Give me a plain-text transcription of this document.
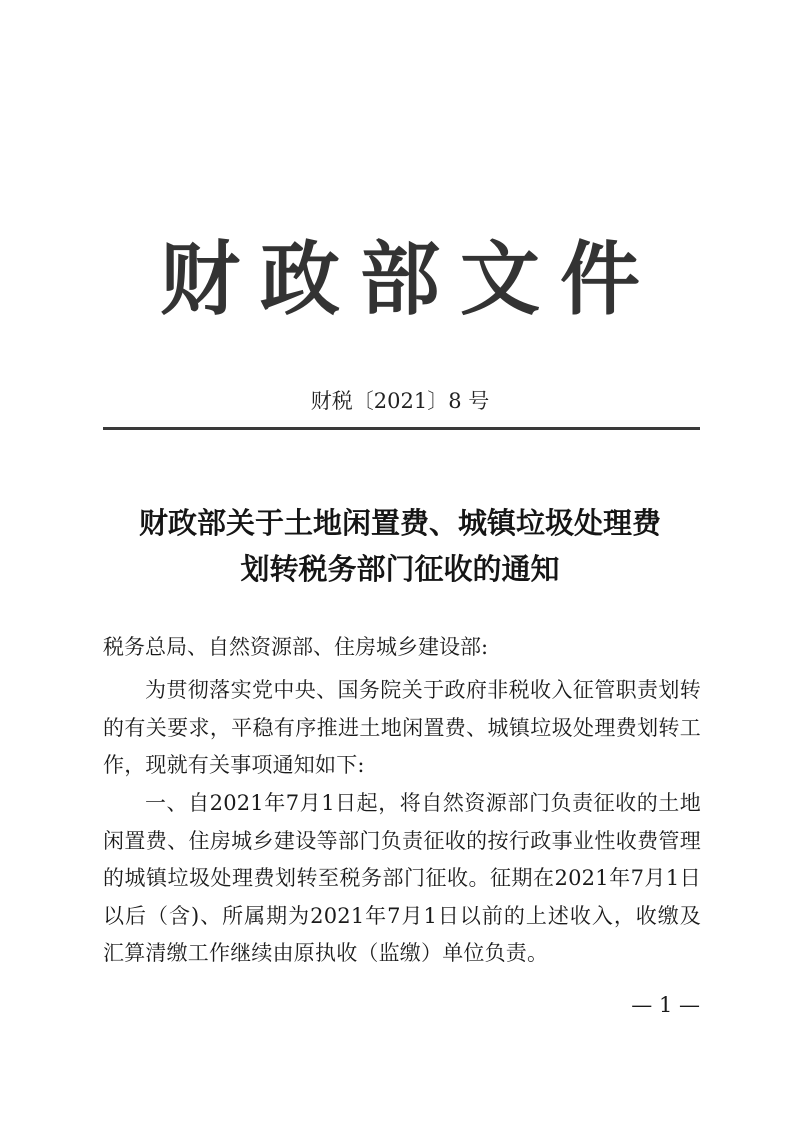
财政部文件
财税〔2021〕8 号
财政部关于土地闲置费、城镇垃圾处理费
划转税务部门征收的通知
税务总局、自然资源部、住房城乡建设部:
为贯彻落实党中央、国务院关于政府非税收入征管职责划转的有关要求，平稳有序推进土地闲置费、城镇垃圾处理费划转工作，现就有关事项通知如下:
一、自2021年7月1日起，将自然资源部门负责征收的土地闲置费、住房城乡建设等部门负责征收的按行政事业性收费管理的城镇垃圾处理费划转至税务部门征收。征期在2021年7月1日以后（含)、所属期为2021年7月1日以前的上述收入，收缴及汇算清缴工作继续由原执收（监缴）单位负责。
— 1 —
